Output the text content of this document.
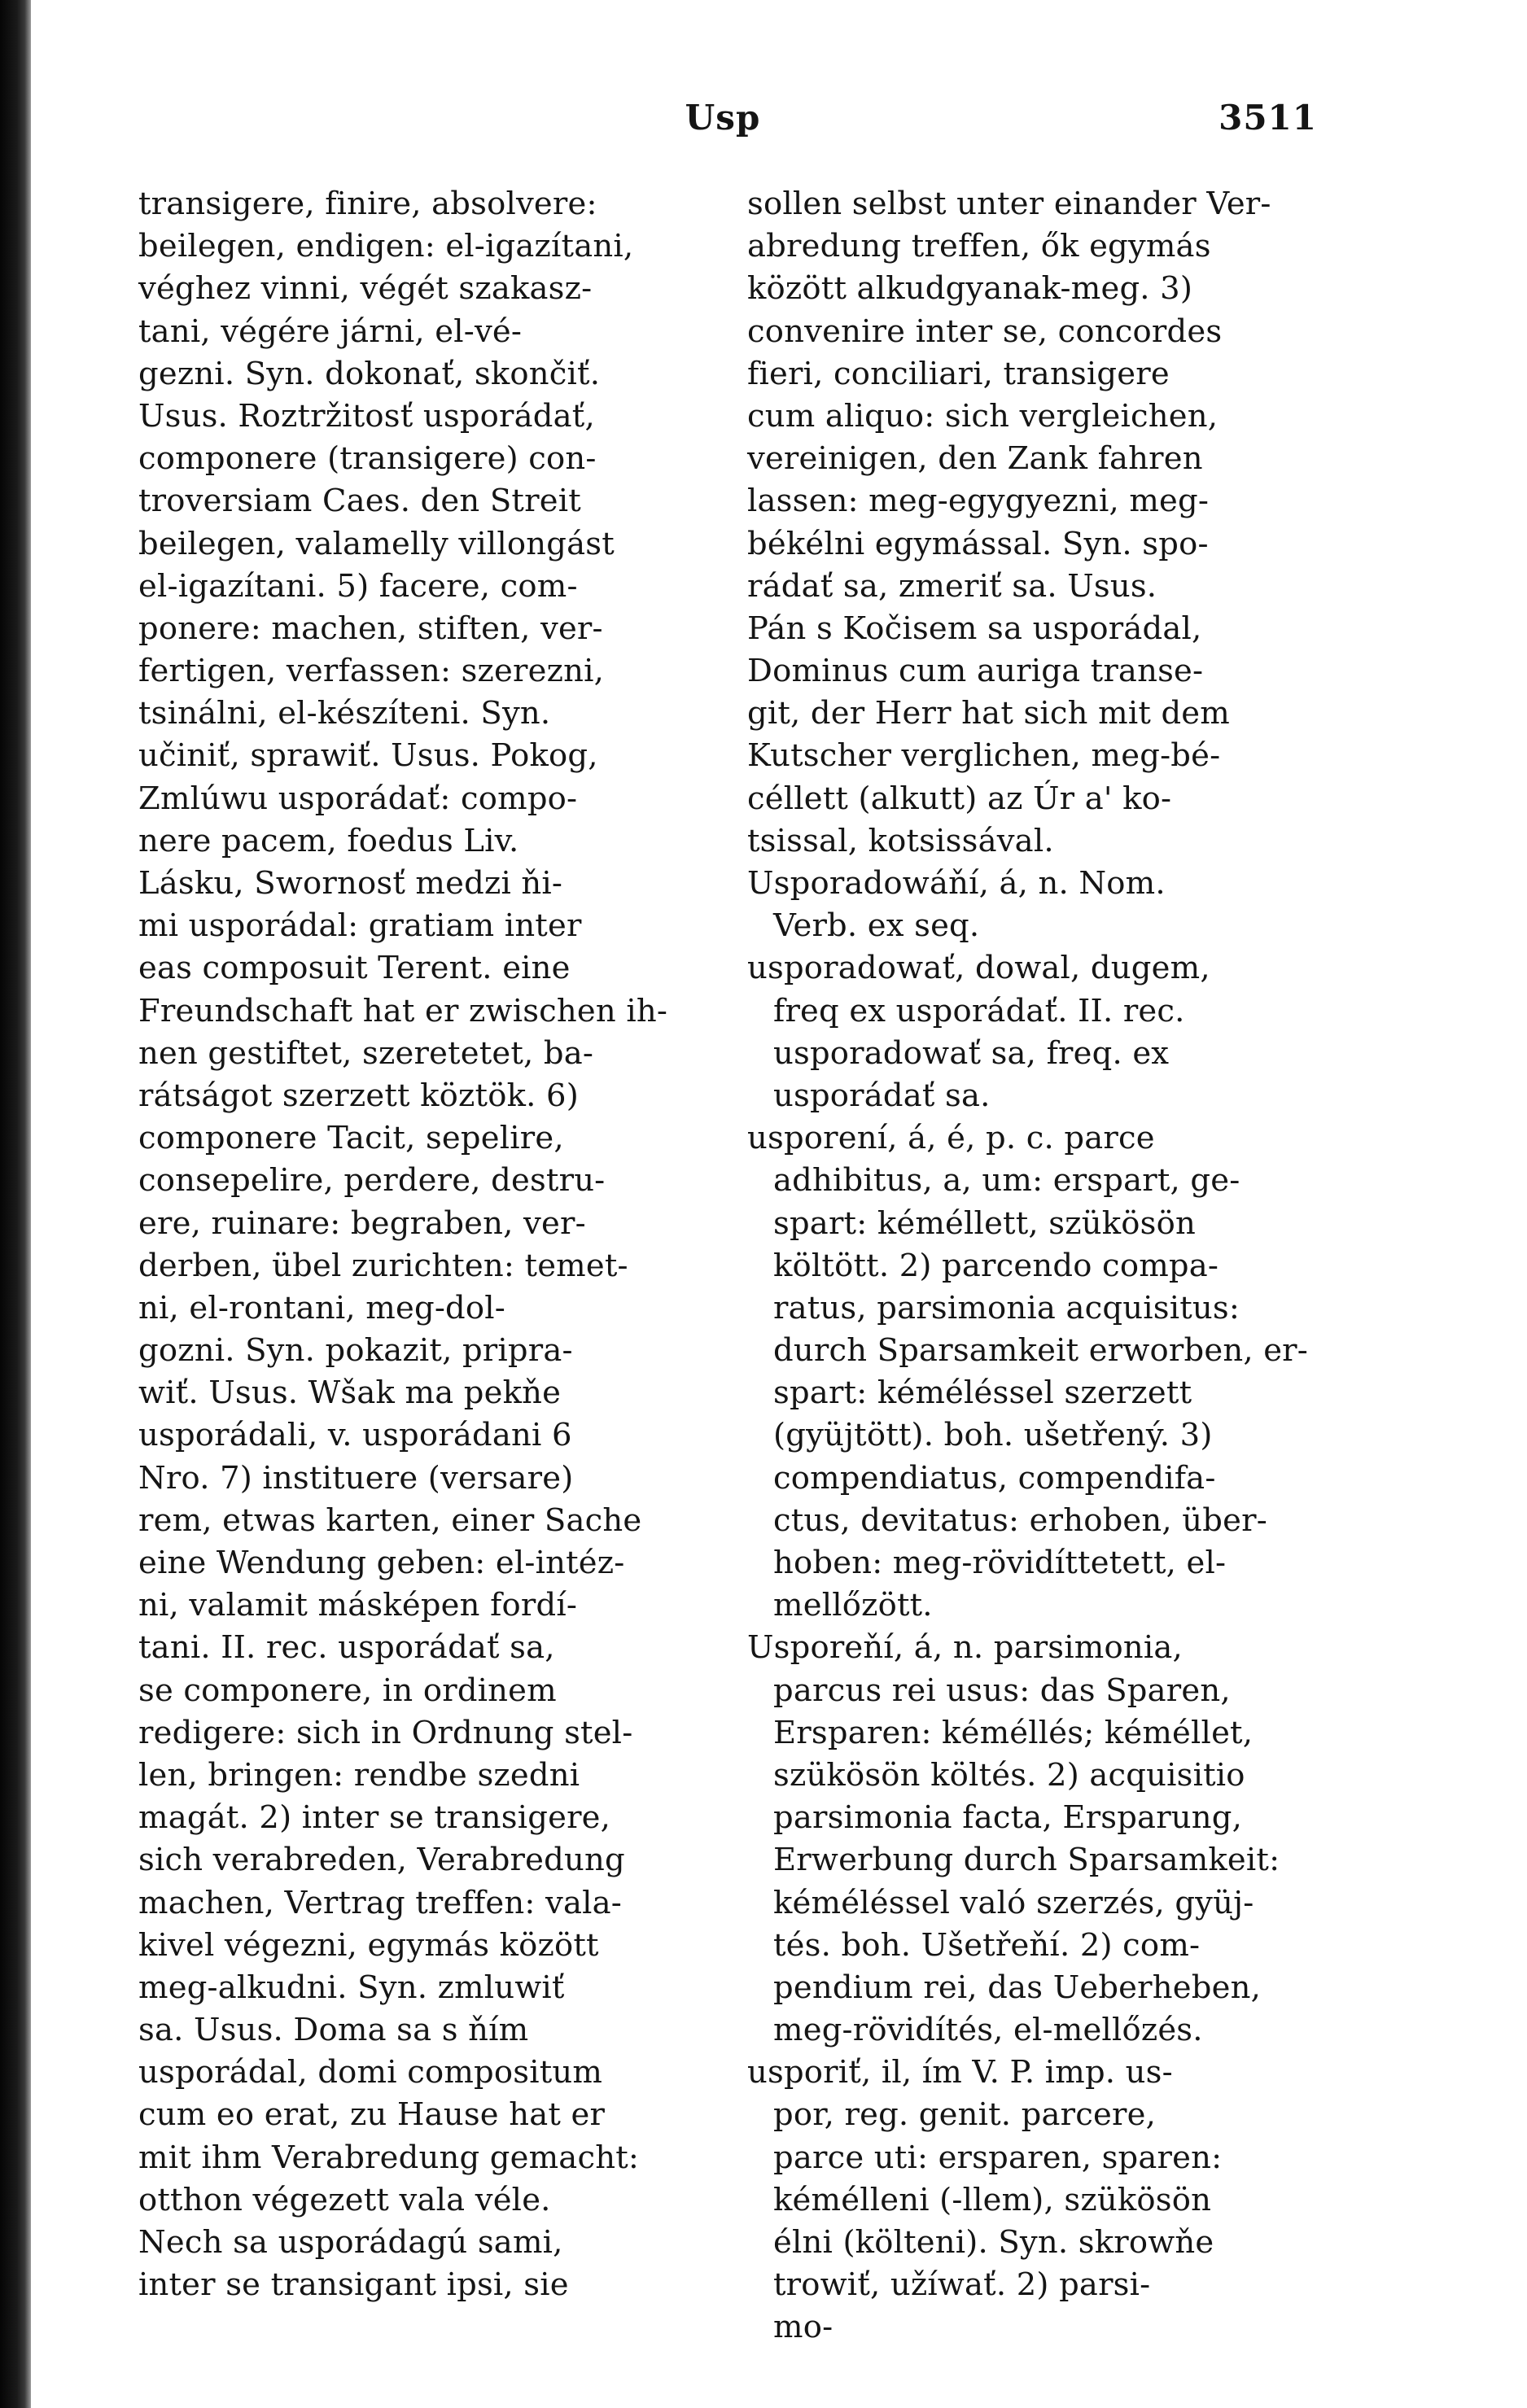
Usp	3511
transigere, finire, absolvere:
beilegen, endigen: el-igazítani,
véghez vinni, végét szakasz-
tani, végére járni, el-vé-
gezni. Syn. dokonať, skončiť.
Usus. Roztržitosť usporádať,
componere (transigere) con-
troversiam Caes. den Streit
beilegen, valamelly villongást
el-igazítani. 5) facere, com-
ponere: machen, stiften, ver-
fertigen, verfassen: szerezni,
tsinálni, el-készíteni. Syn.
učiniť, sprawiť. Usus. Pokog,
Zmlúwu usporádať: compo-
nere pacem, foedus Liv.
Lásku, Swornosť medzi ňi-
mi usporádal: gratiam inter
eas composuit Terent. eine
Freundschaft hat er zwischen ih-
nen gestiftet, szeretetet, ba-
rátságot szerzett köztök. 6)
componere Tacit, sepelire,
consepelire, perdere, destru-
ere, ruinare: begraben, ver-
derben, übel zurichten: temet-
ni, el-rontani, meg-dol-
gozni. Syn. pokazit, pripra-
wiť. Usus. Wšak ma pekňe
usporádali, v. usporádani 6
Nro. 7) instituere (versare)
rem, etwas karten, einer Sache
eine Wendung geben: el-intéz-
ni, valamit másképen fordí-
tani. II. rec. usporádať sa,
se componere, in ordinem
redigere: sich in Ordnung stel-
len, bringen: rendbe szedni
magát. 2) inter se transigere,
sich verabreden, Verabredung
machen, Vertrag treffen: vala-
kivel végezni, egymás között
meg-alkudni. Syn. zmluwiť
sa. Usus. Doma sa s ňím
usporádal, domi compositum
cum eo erat, zu Hause hat er
mit ihm Verabredung gemacht:
otthon végezett vala véle.
Nech sa usporádagú sami,
inter se transigant ipsi, sie
sollen selbst unter einander Ver-
abredung treffen, ők egymás
között alkudgyanak-meg. 3)
convenire inter se, concordes
fieri, conciliari, transigere
cum aliquo: sich vergleichen,
vereinigen, den Zank fahren
lassen: meg-egygyezni, meg-
békélni egymással. Syn. spo-
rádať sa, zmeriť sa. Usus.
Pán s Kočisem sa usporádal,
Dominus cum auriga transe-
git, der Herr hat sich mit dem
Kutscher verglichen, meg-bé-
céllett (alkutt) az Úr a' ko-
tsissal, kotsissával.
Usporadowáňí, á, n. Nom.
Verb. ex seq.
usporadowať, dowal, dugem,
freq ex usporádať. II. rec.
usporadowať sa, freq. ex
usporádať sa.
usporení, á, é, p. c. parce
adhibitus, a, um: erspart, ge-
spart: kéméllett, szükösön
költött. 2) parcendo compa-
ratus, parsimonia acquisitus:
durch Sparsamkeit erworben, er-
spart: kéméléssel szerzett
(gyüjtött). boh. ušetřený. 3)
compendiatus, compendifa-
ctus, devitatus: erhoben, über-
hoben: meg-rövidíttetett, el-
mellőzött.
Usporeňí, á, n. parsimonia,
parcus rei usus: das Sparen,
Ersparen: kéméllés; kéméllet,
szükösön költés. 2) acquisitio
parsimonia facta, Ersparung,
Erwerbung durch Sparsamkeit:
kéméléssel való szerzés, gyüj-
tés. boh. Ušetřeňí. 2) com-
pendium rei, das Ueberheben,
meg-rövidítés, el-mellőzés.
usporiť, il, ím V. P. imp. us-
por, reg. genit. parcere,
parce uti: ersparen, sparen:
kémélleni (-llem), szükösön
élni (költeni). Syn. skrowňe
trowiť, užíwať. 2) parsi-
mo-
